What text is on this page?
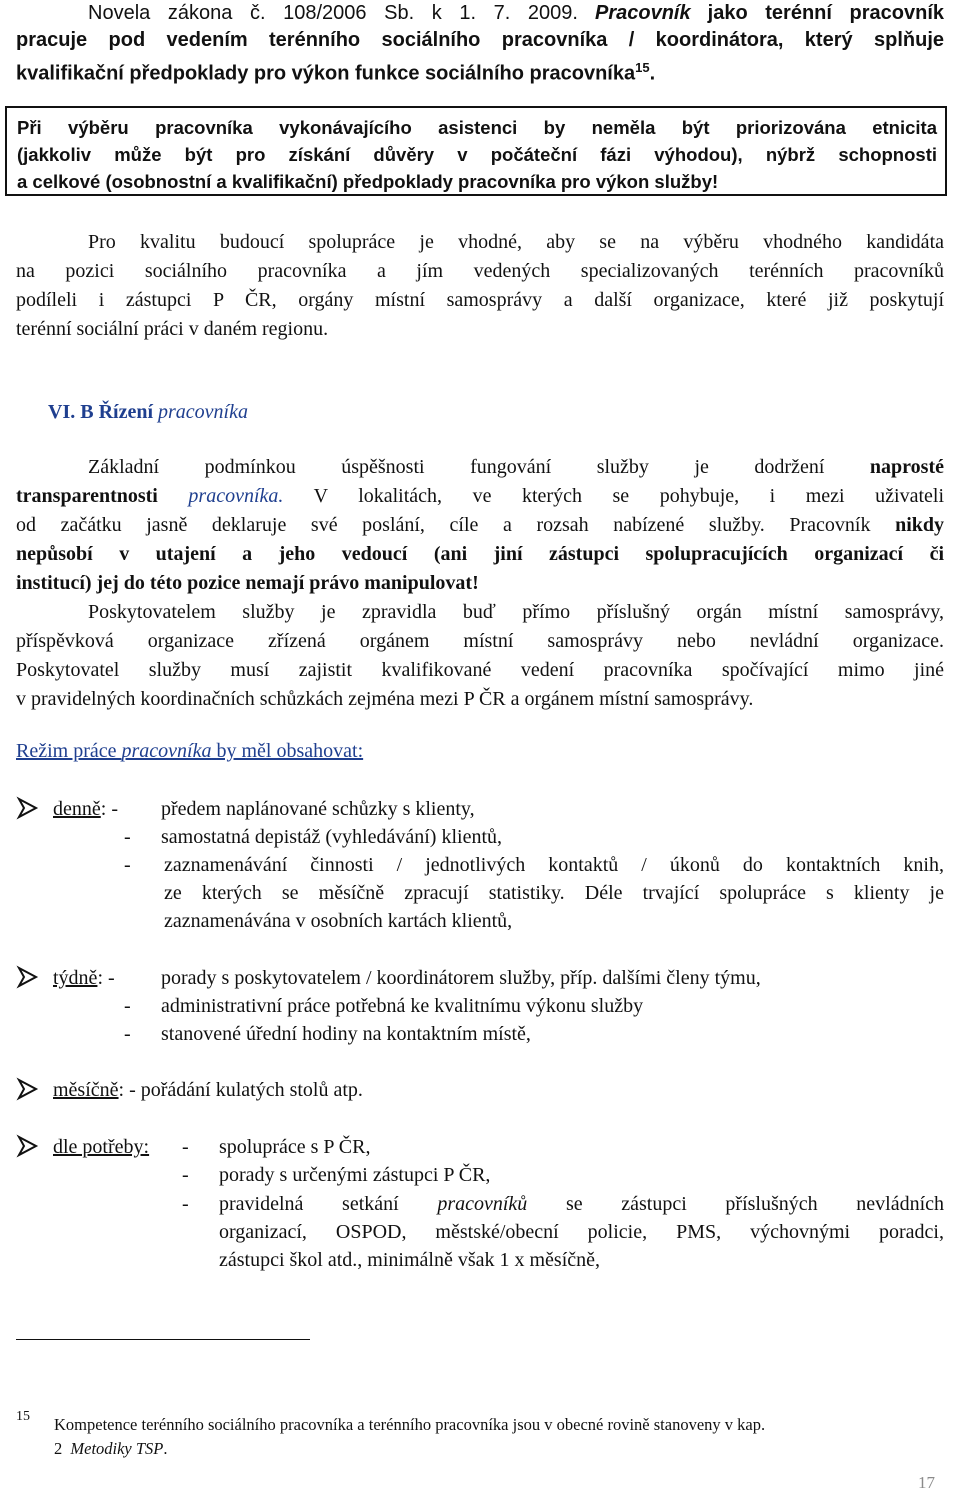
Novela zákona č. 108/2006 Sb. k 1. 7. 2009. Pracovník jako terénní pracovník

pracuje pod vedením terénního sociálního pracovníka / koordinátora, který splňuje

kvalifikační předpoklady pro výkon funkce sociálního pracovníka$^{15}$.

Při výběru pracovníka vykonávajícího asistenci by neměla být priorizována etnicita

(jakkoliv může být pro získání důvěry v počáteční fázi výhodou), nýbrž schopnosti

a celkové (osobnostní a kvalifikační) předpoklady pracovníka pro výkon služby!

Pro kvalitu budoucí spolupráce je vhodné, aby se na výběru vhodného kandidáta

na pozici sociálního pracovníka a jím vedených specializovaných terénních pracovníků

podíleli i zástupci P ČR, orgány místní samosprávy a další organizace, které již poskytují

terénní sociální práci v daném regionu.

VI. B Řízení pracovníka

Základní podmínkou úspěšnosti fungování služby je dodržení naprosté

transparentnosti pracovníka. V lokalitách, ve kterých se pohybuje, i mezi uživateli

od začátku jasně deklaruje své poslání, cíle a rozsah nabízené služby. Pracovník nikdy

nepůsobí v utajení a jeho vedoucí (ani jiní zástupci spolupracujících organizací či

institucí) jej do této pozice nemají právo manipulovat!

Poskytovatelem služby je zpravidla buď přímo příslušný orgán místní samosprávy,

příspěvková organizace zřízená orgánem místní samosprávy nebo nevládní organizace.

Poskytovatel služby musí zajistit kvalifikované vedení pracovníka spočívající mimo jiné

v pravidelných koordinačních schůzkách zejména mezi P ČR a orgánem místní samosprávy.

Režim práce pracovníka by měl obsahovat:
denně: - předem naplánované schůzky s klienty,
- samostatná depistáž (vyhledávání) klientů,
- zaznamenávání činnosti / jednotlivých kontaktů / úkonů do kontaktních knih,
ze kterých se měsíčně zpracují statistiky. Déle trvající spolupráce s klienty je
zaznamenávána v osobních kartách klientů,
týdně: - porady s poskytovatelem / koordinátorem služby, příp. dalšími členy týmu,
- administrativní práce potřebná ke kvalitnímu výkonu služby
- stanovené úřední hodiny na kontaktním místě,
měsíčně: - pořádání kulatých stolů atp.
dle potřeby: - spolupráce s P ČR,
- porady s určenými zástupci P ČR,
- pravidelná setkání pracovníků se zástupci příslušných nevládních
organizací, OSPOD, městské/obecní policie, PMS, výchovnými poradci,
zástupci škol atd., minimálně však 1 x měsíčně,
15 Kompetence terénního sociálního pracovníka a terénního pracovníka jsou v obecné rovině stanoveny v kap.

2 Metodiky TSP.

17
